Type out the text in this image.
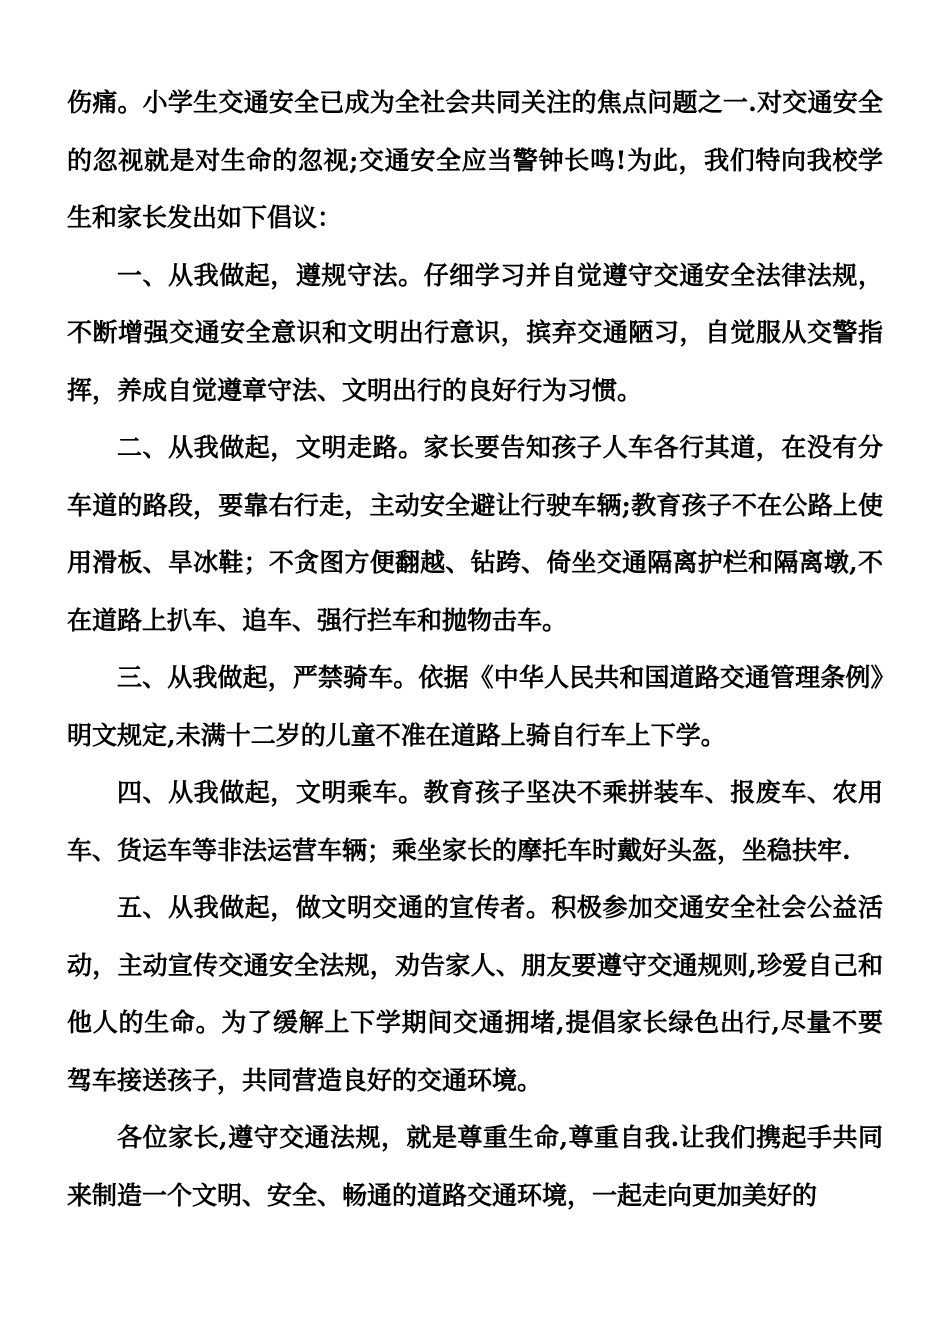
伤痛。小学生交通安全已成为全社会共同关注的焦点问题之一.对交通安全的忽视就是对生命的忽视;交通安全应当警钟长鸣!为此，我们特向我校学生和家长发出如下倡议：

一、从我做起，遵规守法。仔细学习并自觉遵守交通安全法律法规，不断增强交通安全意识和文明出行意识，摈弃交通陋习，自觉服从交警指挥，养成自觉遵章守法、文明出行的良好行为习惯。

二、从我做起，文明走路。家长要告知孩子人车各行其道，在没有分车道的路段，要靠右行走，主动安全避让行驶车辆;教育孩子不在公路上使用滑板、旱冰鞋；不贪图方便翻越、钻跨、倚坐交通隔离护栏和隔离墩,不在道路上扒车、追车、强行拦车和抛物击车。

三、从我做起，严禁骑车。依据《中华人民共和国道路交通管理条例》明文规定,未满十二岁的儿童不准在道路上骑自行车上下学。

四、从我做起，文明乘车。教育孩子坚决不乘拼装车、报废车、农用车、货运车等非法运营车辆；乘坐家长的摩托车时戴好头盔，坐稳扶牢.

五、从我做起，做文明交通的宣传者。积极参加交通安全社会公益活动，主动宣传交通安全法规，劝告家人、朋友要遵守交通规则,珍爱自己和他人的生命。为了缓解上下学期间交通拥堵,提倡家长绿色出行,尽量不要驾车接送孩子，共同营造良好的交通环境。

各位家长,遵守交通法规，就是尊重生命,尊重自我.让我们携起手共同来制造一个文明、安全、畅通的道路交通环境，一起走向更加美好的
